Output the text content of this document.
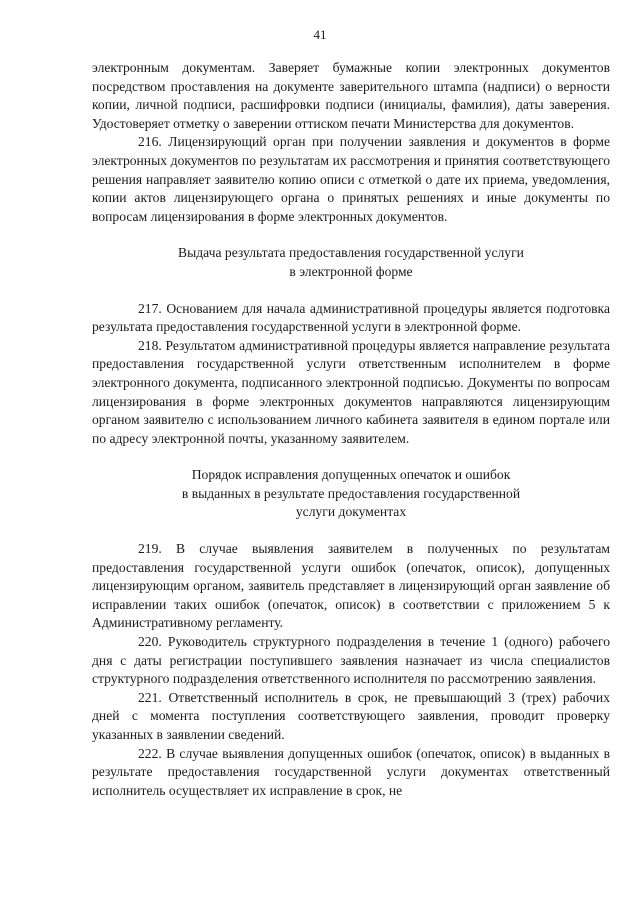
41

электронным документам. Заверяет бумажные копии электронных документов посредством проставления на документе заверительного штампа (надписи) о верности копии, личной подписи, расшифровки подписи (инициалы, фамилия), даты заверения. Удостоверяет отметку о заверении оттиском печати Министерства для документов.

216. Лицензирующий орган при получении заявления и документов в форме электронных документов по результатам их рассмотрения и принятия соответствующего решения направляет заявителю копию описи с отметкой о дате их приема, уведомления, копии актов лицензирующего органа о принятых решениях и иные документы по вопросам лицензирования в форме электронных документов.

Выдача результата предоставления государственной услуги
в электронной форме

217. Основанием для начала административной процедуры является подготовка результата предоставления государственной услуги в электронной форме.

218. Результатом административной процедуры является направление результата предоставления государственной услуги ответственным исполнителем в форме электронного документа, подписанного электронной подписью. Документы по вопросам лицензирования в форме электронных документов направляются лицензирующим органом заявителю с использованием личного кабинета заявителя в едином портале или по адресу электронной почты, указанному заявителем.

Порядок исправления допущенных опечаток и ошибок
в выданных в результате предоставления государственной
услуги документах

219. В случае выявления заявителем в полученных по результатам предоставления государственной услуги ошибок (опечаток, описок), допущенных лицензирующим органом, заявитель представляет в лицензирующий орган заявление об исправлении таких ошибок (опечаток, описок) в соответствии с приложением 5 к Административному регламенту.

220. Руководитель структурного подразделения в течение 1 (одного) рабочего дня с даты регистрации поступившего заявления назначает из числа специалистов структурного подразделения ответственного исполнителя по рассмотрению заявления.

221. Ответственный исполнитель в срок, не превышающий 3 (трех) рабочих дней с момента поступления соответствующего заявления, проводит проверку указанных в заявлении сведений.

222. В случае выявления допущенных ошибок (опечаток, описок) в выданных в результате предоставления государственной услуги документах ответственный исполнитель осуществляет их исправление в срок, не
